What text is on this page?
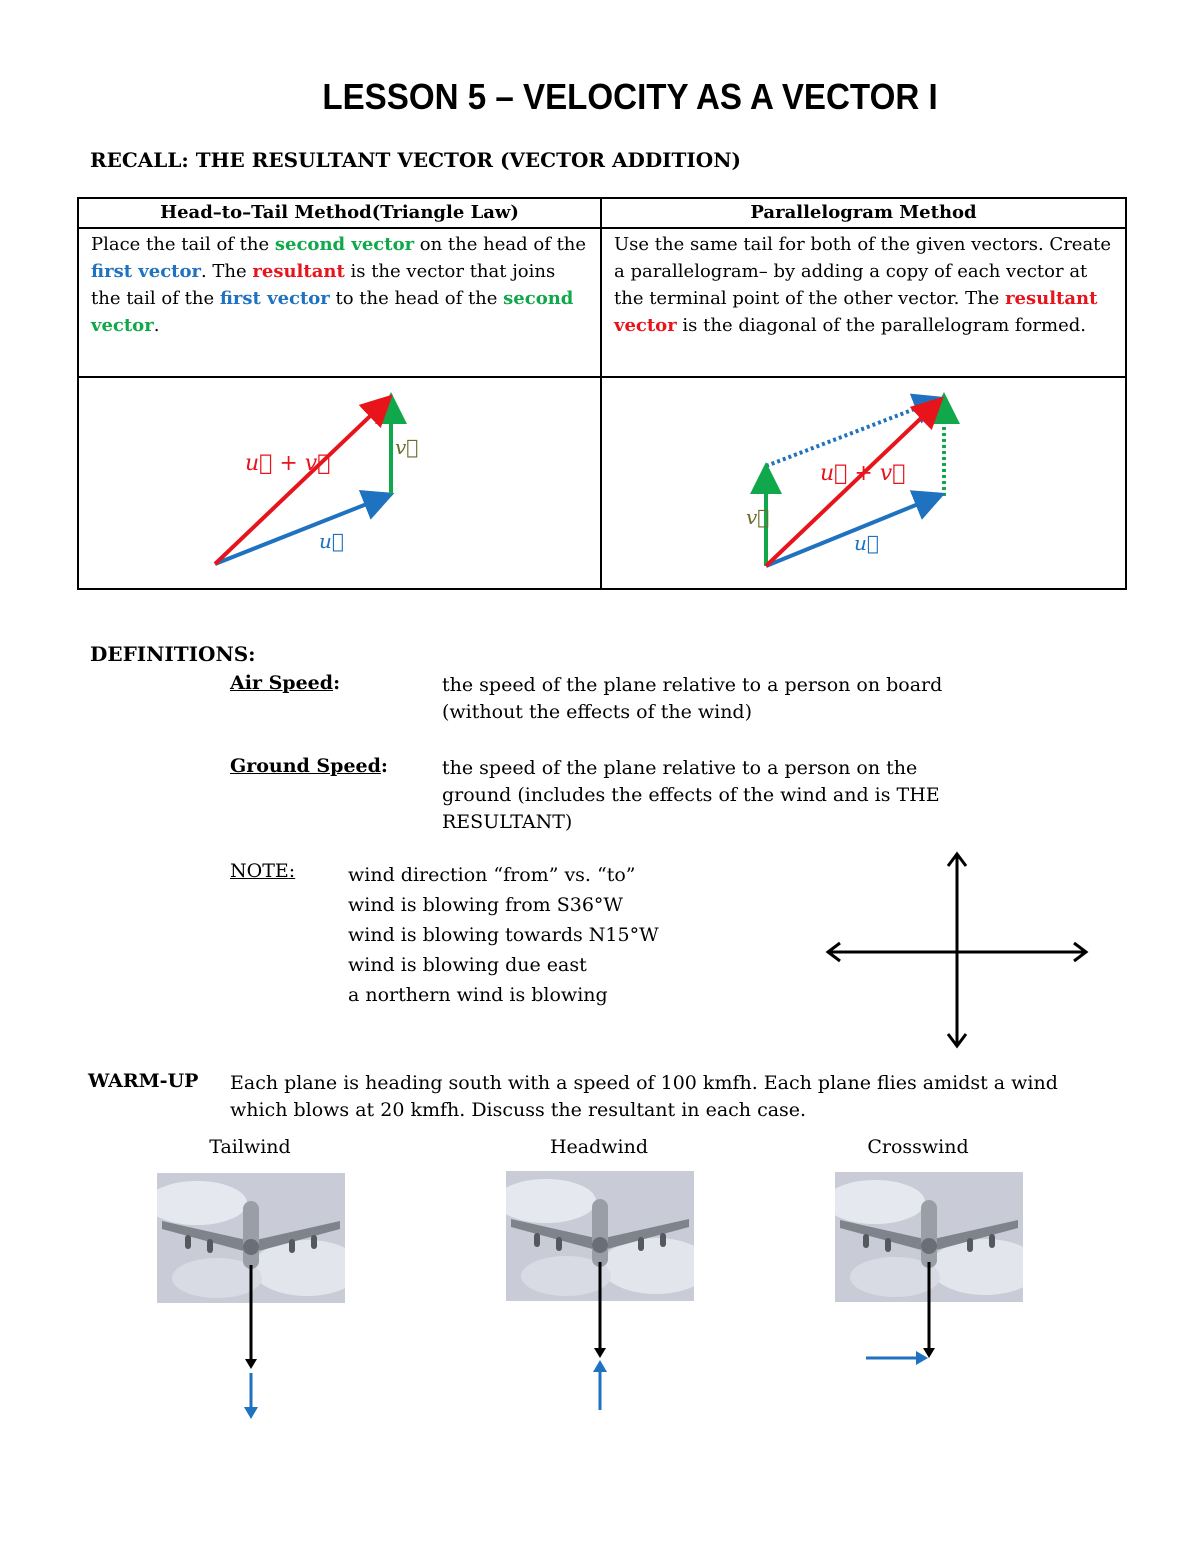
LESSON 5 – VELOCITY AS A VECTOR I
RECALL: THE RESULTANT VECTOR (VECTOR ADDITION)
Head–to–Tail Method(Triangle Law)	Parallelogram Method
Place the tail of the second vector on the head of the first vector. The resultant is the vector that joins the tail of the first vector to the head of the second vector.	Use the same tail for both of the given vectors. Create a parallelogram– by adding a copy of each vector at the terminal point of the other vector. The resultant vector is the diagonal of the parallelogram formed.

u⃗ + v⃗
v⃗
u⃗	u⃗ + v⃗
v⃗
u⃗
DEFINITIONS:
Air Speed:	the speed of the plane relative to a person on board (without the effects of the wind)
Ground Speed:	the speed of the plane relative to a person on the ground (includes the effects of the wind and is THE RESULTANT)
NOTE:	wind direction “from” vs. “to”
wind is blowing from S36°W
wind is blowing towards N15°W
wind is blowing due east
a northern wind is blowing
WARM-UP Each plane is heading south with a speed of 100 kmfh. Each plane flies amidst a wind which blows at 20 kmfh. Discuss the resultant in each case.
Tailwind	Headwind	Crosswind
